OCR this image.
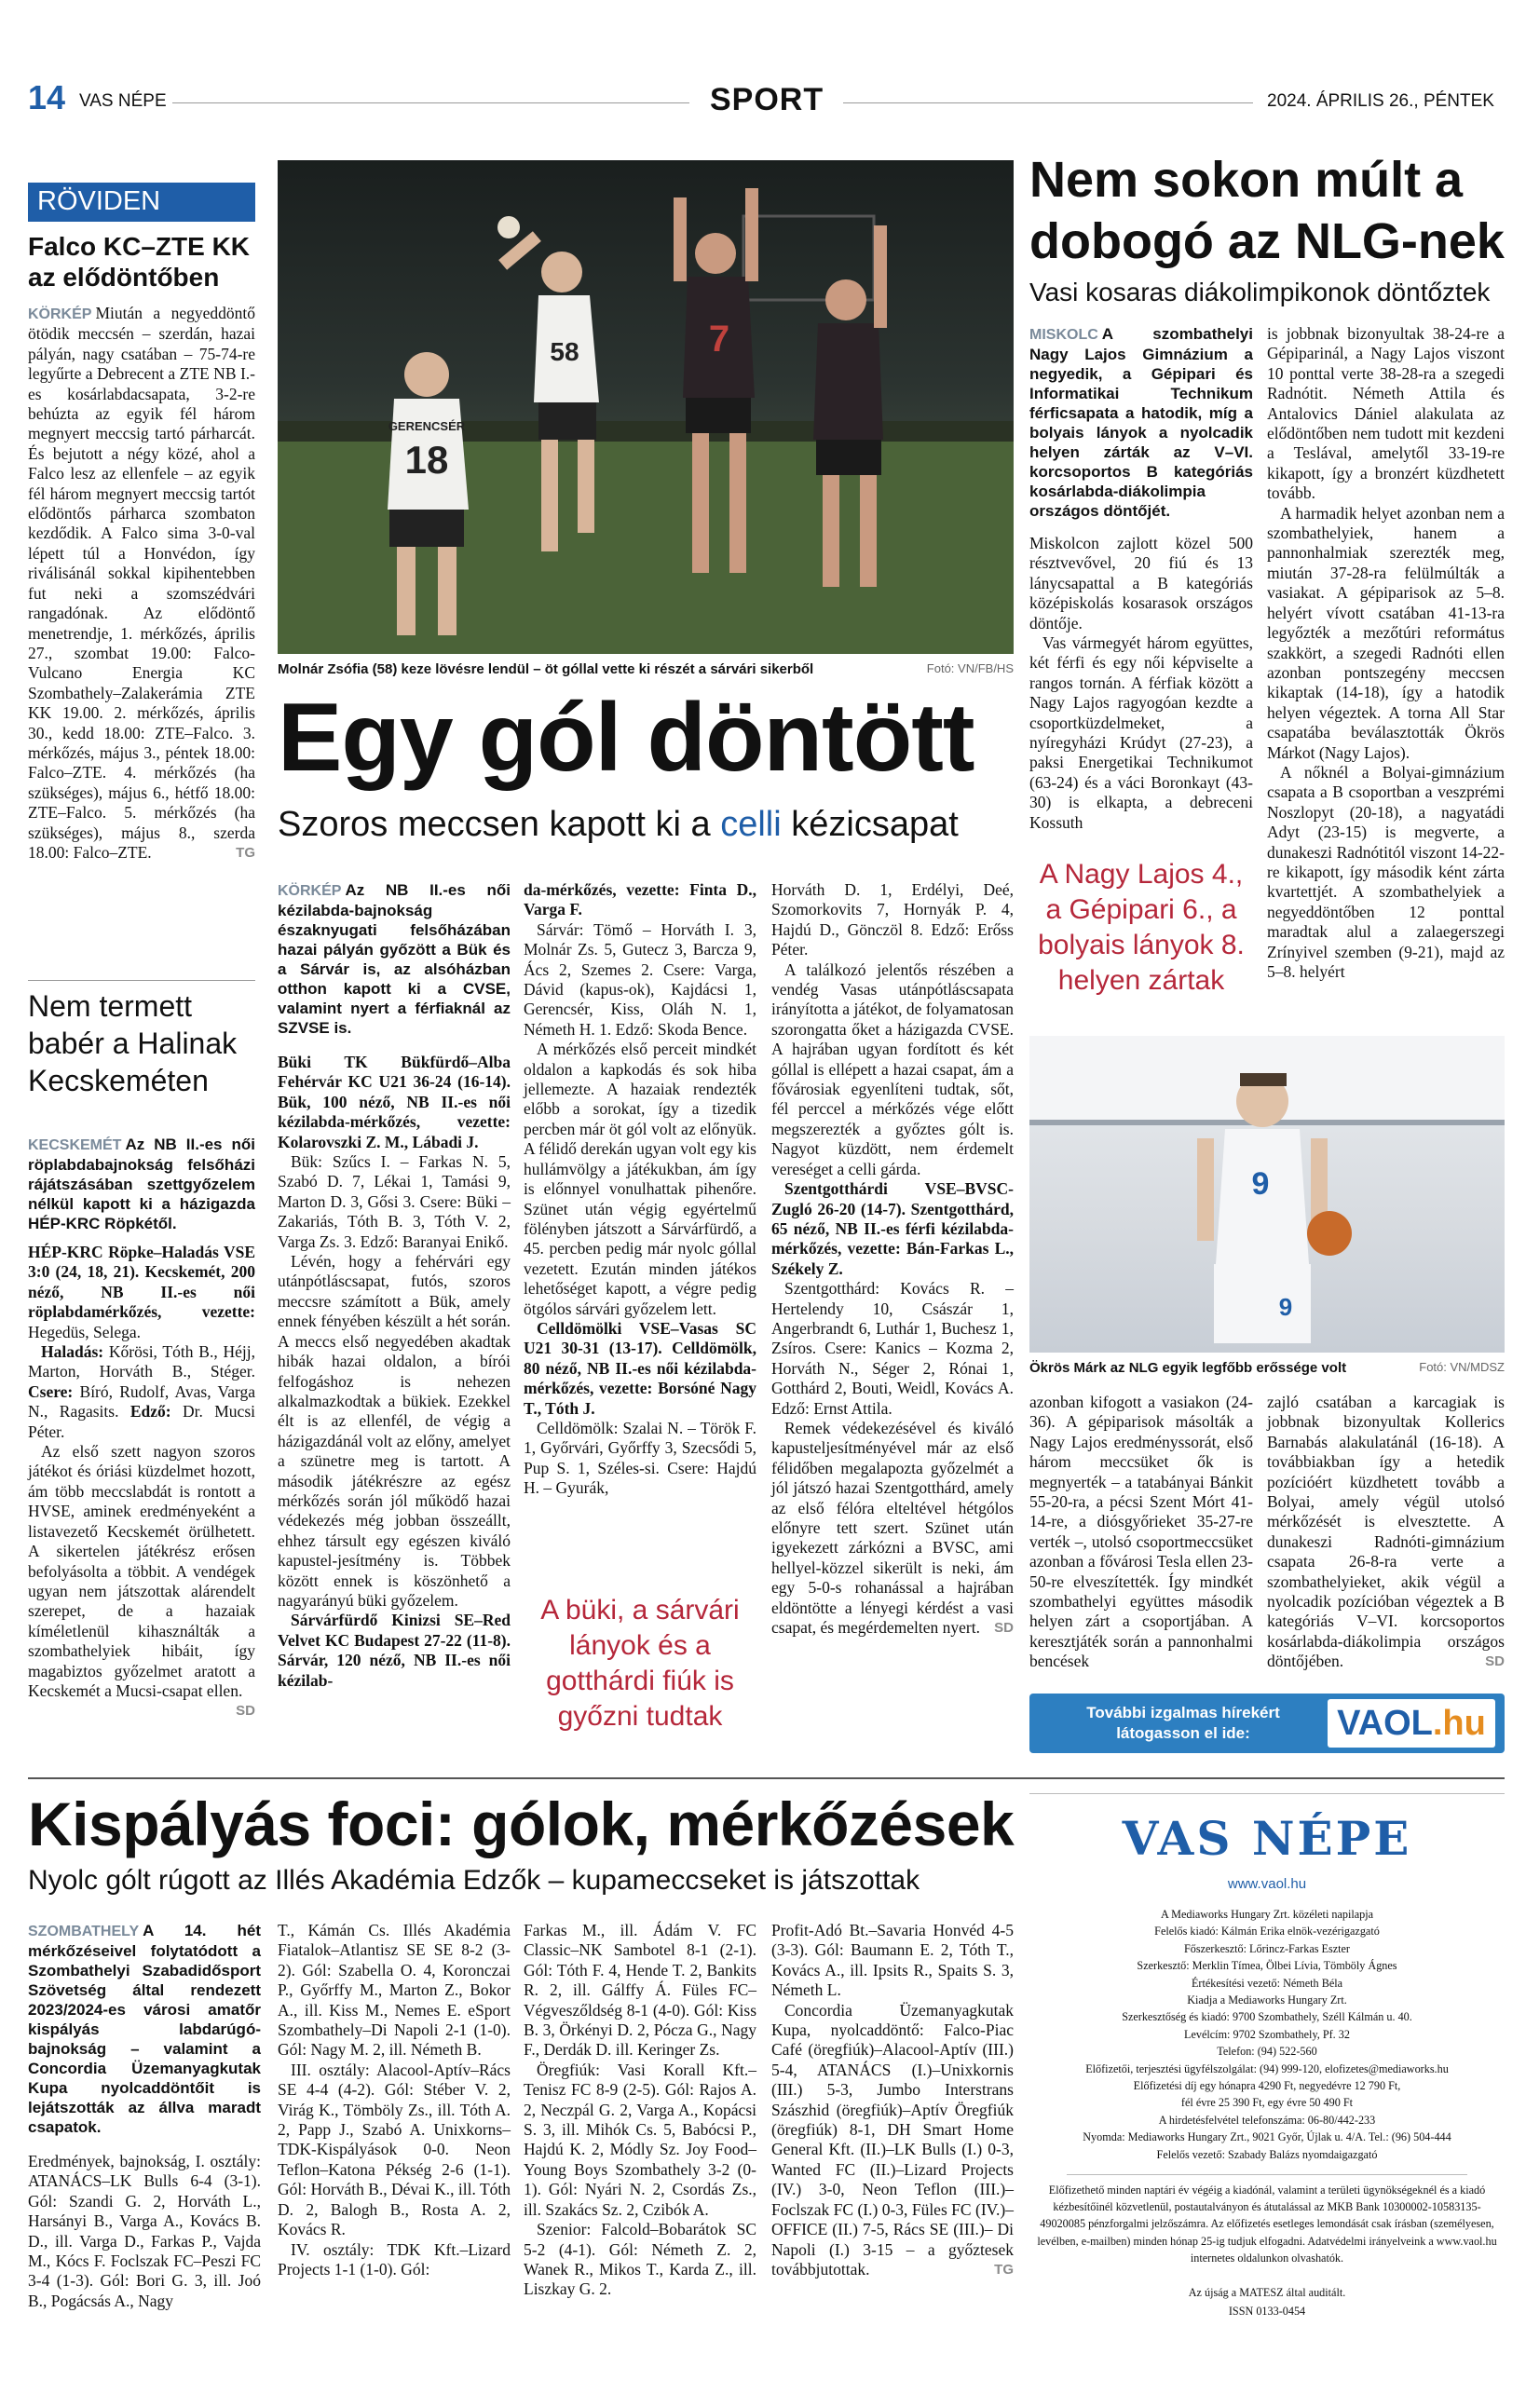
14 VAS NÉPE	SPORT	2024. ÁPRILIS 26., PÉNTEK
RÖVIDEN
Falco KC–ZTE KK az elődöntőben

KÖRKÉP Miután a negyeddöntő ötödik meccsén – szerdán, hazai pályán, nagy csatában – 75-74-re legyűrte a Debrecent a ZTE NB I.-es kosárlabdacsapata, 3-2-re behúzta az egyik fél három megnyert meccsig tartó párharcát. És bejutott a négy közé, ahol a Falco lesz az ellenfele – az egyik fél három megnyert meccsig tartót elődöntős párharca szombaton kezdődik. A Falco sima 3-0-val lépett túl a Honvédon, így riválisánál sokkal kipihentebben fut neki a szomszédvári rangadónak. Az elődöntő menetrendje, 1. mérkőzés, április 27., szombat 19.00: Falco-Vulcano Energia KC Szombathely–Zalakerámia ZTE KK 19.00. 2. mérkőzés, április 30., kedd 18.00: ZTE–Falco. 3. mérkőzés, május 3., péntek 18.00: Falco–ZTE. 4. mérkőzés (ha szükséges), május 6., hétfő 18.00: ZTE–Falco. 5. mérkőzés (ha szükséges), május 8., szerda 18.00: Falco–ZTE.	TG

Nem termett babér a Halinak Kecskeméten

KECSKEMÉT Az NB II.-es női röplabdabajnokság felsőházi rájátszásában szettgyőzelem nélkül kapott ki a házigazda HÉP-KRC Röpkétől.

HÉP-KRC Röpke–Haladás VSE 3:0 (24, 18, 21). Kecskemét, 200 néző, NB II.-es női röplabdamérkőzés, vezette: Hegedüs, Selega.

Haladás: Kőrösi, Tóth B., Héjj, Marton, Horváth B., Stéger. Csere: Bíró, Rudolf, Avas, Varga N., Ragasits. Edző: Dr. Mucsi Péter.

Az első szett nagyon szoros játékot és óriási küzdelmet hozott, ám több meccslabdát is rontott a HVSE, aminek eredményeként a listavezető Kecskemét örülhetett. A sikertelen játékrész erősen befolyásolta a többit. A vendégek ugyan nem játszottak alárendelt szerepet, de a hazaiak kíméletlenül kihasználták a szombathelyiek hibáit, így magabiztos győzelmet aratott a Kecskemét a Mucsi-csapat ellen.
SD

58	7
GERENCSÉR
18
Molnár Zsófia (58) keze lövésre lendül – öt góllal vette ki részét a sárvári sikerből	Fotó: VN/FB/HS
Egy gól döntött
Szoros meccsen kapott ki a celli kézicsapat

KÖRKÉP Az NB II.-es női kézilabda-bajnokság északnyugati felsőházában hazai pályán győzött a Bük és a Sárvár is, az alsóházban otthon kapott ki a CVSE, valamint nyert a férfiaknál az SZVSE is.

Büki TK Bükfürdő–Alba Fehérvár KC U21 36-24 (16-14). Bük, 100 néző, NB II.-es női kézilabda-mérkőzés, vezette: Kolarovszki Z. M., Lábadi J.

Bük: Szűcs I. – Farkas N. 5, Szabó D. 7, Lékai 1, Tamási 9, Marton D. 3, Gősi 3. Csere: Büki – Zakariás, Tóth B. 3, Tóth V. 2, Varga Zs. 3. Edző: Baranyai Enikő.

Lévén, hogy a fehérvári egy utánpótláscsapat, futós, szoros meccsre számított a Bük, amely ennek fényében készült a hét során. A meccs első negyedében akadtak hibák hazai oldalon, a bírói felfogáshoz is nehezen alkalmazkodtak a bükiek. Ezekkel élt is az ellenfél, de végig a házigazdánál volt az előny, amelyet a szünetre meg is tartott. A második játékrészre az egész mérkőzés során jól működő hazai védekezés még jobban összeállt, ehhez társult egy egészen kiváló kapustel-jesítmény is. Többek között ennek is köszönhető a nagyarányú büki győzelem.

Sárvárfürdő Kinizsi SE–Red Velvet KC Budapest 27-22 (11-8). Sárvár, 120 néző, NB II.-es női kézilab-

da-mérkőzés, vezette: Finta D., Varga F.

Sárvár: Tömő – Horváth I. 3, Molnár Zs. 5, Gutecz 3, Barcza 9, Ács 2, Szemes 2. Csere: Varga, Dávid (kapus-ok), Kajdácsi 1, Gerencsér, Kiss, Oláh N. 1, Németh H. 1. Edző: Skoda Bence.

A mérkőzés első perceit mindkét oldalon a kapkodás és sok hiba jellemezte. A hazaiak rendezték előbb a sorokat, így a tizedik percben már öt gól volt az előnyük. A félidő derekán ugyan volt egy kis hullámvölgy a játékukban, ám így is előnnyel vonulhattak pihenőre. Szünet után végig egyértelmű fölényben játszott a Sárvárfürdő, a 45. percben pedig már nyolc góllal vezetett. Ezután minden játékos lehetőséget kapott, a végre pedig ötgólos sárvári győzelem lett.

Celldömölki VSE–Vasas SC U21 30-31 (13-17). Celldömölk, 80 néző, NB II.-es női kézilabda-mérkőzés, vezette: Borsóné Nagy T., Tóth J.

Celldömölk: Szalai N. – Török F. 1, Győrvári, Győrffy 3, Szecsődi 5, Pup S. 1, Széles-si. Csere: Hajdú H. – Gyurák,

A büki, a sárvári lányok és a gotthárdi fiúk is győzni tudtak

Horváth D. 1, Erdélyi, Deé, Szomorkovits 7, Hornyák P. 4, Hajdú D., Gönczöl 8. Edző: Erőss Péter.

A találkozó jelentős részében a vendég Vasas utánpótláscsapata irányította a játékot, de folyamatosan szorongatta őket a házigazda CVSE. A hajrában ugyan fordított és két góllal is ellépett a hazai csapat, ám a fővárosiak egyenlíteni tudtak, sőt, fél perccel a mérkőzés vége előtt megszerezték a győztes gólt is. Nagyot küzdött, nem érdemelt vereséget a celli gárda.

Szentgotthárdi VSE–BVSC-Zugló 26-20 (14-7). Szentgotthárd, 65 néző, NB II.-es férfi kézilabda-mérkőzés, vezette: Bán-Farkas L., Székely Z.

Szentgotthárd: Kovács R. – Hertelendy 10, Császár 1, Angerbrandt 6, Luthár 1, Buchesz 1, Zsíros. Csere: Kanics – Kozma 2, Horváth N., Séger 2, Rónai 1, Gotthárd 2, Bouti, Weidl, Kovács A. Edző: Ernst Attila.

Remek védekezésével és kiváló kapusteljesítményével már az első félidőben megalapozta győzelmét a jól játszó hazai Szentgotthárd, amely az első félóra elteltével hétgólos előnyre tett szert. Szünet után igyekezett zárkózni a BVSC, ami hellyel-közzel sikerült is neki, ám egy 5-0-s rohanással a hajrában eldöntötte a lényegi kérdést a vasi csapat, és megérdemelten nyert.	SD

Nem sokon múlt a dobogó az NLG-nek
Vasi kosaras diákolimpikonok döntőztek

MISKOLC A szombathelyi Nagy Lajos Gimnázium a negyedik, a Gépipari és Informatikai Technikum férficsapata a hatodik, míg a bolyais lányok a nyolcadik helyen zárták az V–VI. korcsoportos B kategóriás kosárlabda-diákolimpia országos döntőjét.

Miskolcon zajlott közel 500 résztvevővel, 20 fiú és 13 lánycsapattal a B kategóriás középiskolás kosarasok országos döntője.

Vas vármegyét három együttes, két férfi és egy női képviselte a rangos tornán. A férfiak között a Nagy Lajos ragyogóan kezdte a csoportküzdelmeket, a nyíregyházi Krúdyt (27-23), a paksi Energetikai Technikumot (63-24) és a váci Boronkayt (43-30) is elkapta, a debreceni Kossuth

A Nagy Lajos 4., a Gépipari 6., a bolyais lányok 8. helyen zártak

is jobbnak bizonyultak 38-24-re a Gépiparinál, a Nagy Lajos viszont 10 ponttal verte 38-28-ra a szegedi Radnótit. Németh Attila és Antalovics Dániel alakulata az elődöntőben nem tudott mit kezdeni a Teslával, amelytől 33-19-re kikapott, így a bronzért küzdhetett tovább.

A harmadik helyet azonban nem a szombathelyiek, hanem a pannonhalmiak szerezték meg, miután 37-28-ra felülmúlták a vasiakat. A gépiparisok az 5–8. helyért vívott csatában 41-13-ra legyőzték a mezőtúri református szakkört, a szegedi Radnóti ellen azonban pontszegény meccsen kikaptak (14-18), így a hatodik helyen végeztek. A torna All Star csapatába beválasztották Ökrös Márkot (Nagy Lajos).

A nőknél a Bolyai-gimnázium csapata a B csoportban a veszprémi Noszlopyt (20-18), a nagyatádi Adyt (23-15) is megverte, a dunakeszi Radnótitól viszont 14-22-re kikapott, így második ként zárta kvartettjét. A szombathelyiek a negyeddöntőben 12 ponttal maradtak alul a zalaegerszegi Zrínyivel szemben (9-21), majd az 5–8. helyért

9
9
Ökrös Márk az NLG egyik legfőbb erőssége volt	Fotó: VN/MDSZ

azonban kifogott a vasiakon (24-36). A gépiparisok másolták a Nagy Lajos eredményssorát, első három meccsüket ők is megnyerték – a tatabányai Bánkit 55-20-ra, a pécsi Szent Mórt 41-14-re, a diósgyőrieket 35-27-re verték –, utolsó csoportmeccsüket azonban a fővárosi Tesla ellen 23-50-re elveszítették. Így mindkét szombathelyi együttes második helyen zárt a csoportjában. A keresztjáték során a pannonhalmi bencések

zajló csatában a karcagiak is jobbnak bizonyultak Kollerics Barnabás alakulatánál (16-18). A továbbiakban így a hetedik pozícióért küzdhetett tovább a Bolyai, amely végül utolsó mérkőzését is elvesztette. A dunakeszi Radnóti-gimnázium csapata 26-8-ra verte a szombathelyieket, akik végül a nyolcadik pozícióban végeztek a B kategóriás V–VI. korcsoportos kosárlabda-diákolimpia országos döntőjében.	SD

További izgalmas hírekért látogasson el ide:	VAOL.hu
Kispályás foci: gólok, mérkőzések
Nyolc gólt rúgott az Illés Akadémia Edzők – kupameccseket is játszottak

SZOMBATHELY A 14. hét mérkőzéseivel folytatódott a Szombathelyi Szabadidősport Szövetség által rendezett 2023/2024-es városi amatőr kispályás labdarúgó-bajnokság – valamint a Concordia Üzemanyagkutak Kupa nyolcaddöntőit is lejátszották az állva maradt csapatok.

Eredmények, bajnokság, I. osztály: ATANÁCS–LK Bulls 6-4 (3-1). Gól: Szandi G. 2, Horváth L., Harsányi B., Varga A., Kovács B. D., ill. Varga D., Farkas P., Vajda M., Kócs F. Foclszak FC–Peszi FC 3-4 (1-3). Gól: Bori G. 3, ill. Joó B., Pogácsás A., Nagy

T., Kámán Cs. Illés Akadémia Fiatalok–Atlantisz SE SE 8-2 (3-2). Gól: Szabella O. 4, Koronczai P., Győrffy M., Marton Z., Bokor A., ill. Kiss M., Nemes E. eSport Szombathely–Di Napoli 2-1 (1-0). Gól: Nagy M. 2, ill. Németh B.

III. osztály: Alacool-Aptív–Rács SE 4-4 (4-2). Gól: Stéber V. 2, Virág K., Tömböly Zs., ill. Tóth A. 2, Papp J., Szabó A. Unixkorns–TDK-Kispályások 0-0. Neon Teflon–Katona Pékség 2-6 (1-1). Gól: Horváth B., Dévai K., ill. Tóth D. 2, Balogh B., Rosta A. 2, Kovács R.

IV. osztály: TDK Kft.–Lizard Projects 1-1 (1-0). Gól:

Farkas M., ill. Ádám V. FC Classic–NK Sambotel 8-1 (2-1). Gól: Tóth F. 4, Hende T. 2, Bankits R. 2, ill. Gálffy Á. Füles FC–Végveszőldség 8-1 (4-0). Gól: Kiss B. 3, Örkényi D. 2, Pócza G., Nagy F., Derdák D. ill. Keringer Zs.

Öregfiúk: Vasi Korall Kft.–Tenisz FC 8-9 (2-5). Gól: Rajos A. 2, Neczpál G. 2, Varga A., Kopácsi S. 3, ill. Mihók Cs. 5, Babócsi P., Hajdú K. 2, Módly Sz. Joy Food–Young Boys Szombathely 3-2 (0-1). Gól: Nyári N. 2, Csordás Zs., ill. Szakács Sz. 2, Czibók A.

Szenior: Falcold–Bobarátok SC 5-2 (4-1). Gól: Németh Z. 2, Wanek R., Mikos T., Karda Z., ill. Liszkay G. 2.

Profit-Adó Bt.–Savaria Honvéd 4-5 (3-3). Gól: Baumann E. 2, Tóth T., Kovács A., ill. Ipsits R., Spaits S. 3, Németh L.

Concordia Üzemanyagkutak Kupa, nyolcaddöntő: Falco-Piac Café (öregfiúk)–Alacool-Aptív (III.) 5-4, ATANÁCS (I.)–Unixkornis (III.) 5-3, Jumbo Interstrans Szászhid (öregfiúk)–Aptív Öregfiúk (öregfiúk) 8-1, DH Smart Home General Kft. (II.)–LK Bulls (I.) 0-3, Wanted FC (II.)–Lizard Projects (IV.) 3-0, Neon Teflon (III.)–Foclszak FC (I.) 0-3, Füles FC (IV.)–OFFICE (II.) 7-5, Rács SE (III.)– Di Napoli (I.) 3-15 – a győztesek továbbjutottak.	TG

VAS NÉPE
www.vaol.hu
A Mediaworks Hungary Zrt. közéleti napilapja
Felelős kiadó: Kálmán Erika elnök-vezérigazgató
Főszerkesztő: Lőrincz-Farkas Eszter
Szerkesztő: Merklin Tímea, Ölbei Lívia, Tömböly Ágnes
Értékesítési vezető: Németh Béla
Kiadja a Mediaworks Hungary Zrt.
Szerkesztőség és kiadó: 9700 Szombathely, Széll Kálmán u. 40.
Levélcím: 9702 Szombathely, Pf. 32
Telefon: (94) 522-560
Előfizetői, terjesztési ügyfélszolgálat: (94) 999-120, elofizetes@mediaworks.hu
Előfizetési díj egy hónapra 4290 Ft, negyedévre 12 790 Ft,
fél évre 25 390 Ft, egy évre 50 490 Ft
A hirdetésfelvétel telefonszáma: 06-80/442-233
Nyomda: Mediaworks Hungary Zrt., 9021 Győr, Újlak u. 4/A. Tel.: (96) 504-444
Felelős vezető: Szabady Balázs nyomdaigazgató
Előfizethető minden naptári év végéig a kiadónál, valamint a területi ügynökségeknél és a kiadó kézbesítőinél közvetlenül, postautalványon és átutalással az MKB Bank 10300002-10583135-49020085 pénzforgalmi jelzőszámra. Az előfizetés esetleges lemondását csak írásban (személyesen, levélben, e-mailben) minden hónap 25-ig tudjuk elfogadni. Adatvédelmi irányelveink a www.vaol.hu internetes oldalunkon olvashatók.
Az újság a MATESZ által auditált.
ISSN 0133-0454
